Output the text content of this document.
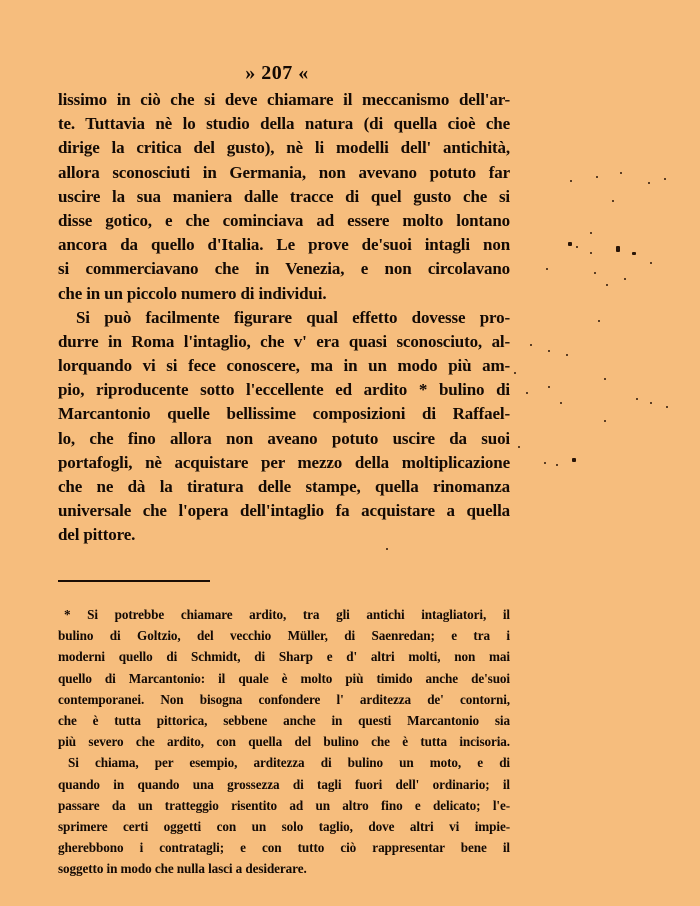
» 207 «
lissimo in ciò che si deve chiamare il meccanismo dell'ar-
te. Tuttavia nè lo studio della natura (di quella cioè che
dirige la critica del gusto), nè li modelli dell' antichità,
allora sconosciuti in Germania, non avevano potuto far
uscire la sua maniera dalle tracce di quel gusto che si
disse gotico, e che cominciava ad essere molto lontano
ancora da quello d'Italia. Le prove de'suoi intagli non
si commerciavano che in Venezia, e non circolavano
che in un piccolo numero di individui.
Si può facilmente figurare qual effetto dovesse pro-
durre in Roma l'intaglio, che v' era quasi sconosciuto, al-
lorquando vi si fece conoscere, ma in un modo più am-
pio, riproducente sotto l'eccellente ed ardito * bulino di
Marcantonio quelle bellissime composizioni di Raffael-
lo, che fino allora non aveano potuto uscire da suoi
portafogli, nè acquistare per mezzo della moltiplicazione
che ne dà la tiratura delle stampe, quella rinomanza
universale che l'opera dell'intaglio fa acquistare a quella
del pittore.
* Si potrebbe chiamare ardito, tra gli antichi intagliatori, il
bulino di Goltzio, del vecchio Müller, di Saenredan; e tra i
moderni quello di Schmidt, di Sharp e d' altri molti, non mai
quello di Marcantonio: il quale è molto più timido anche de'suoi
contemporanei. Non bisogna confondere l' arditezza de' contorni,
che è tutta pittorica, sebbene anche in questi Marcantonio sia
più severo che ardito, con quella del bulino che è tutta incisoria.
Si chiama, per esempio, arditezza di bulino un moto, e di
quando in quando una grossezza di tagli fuori dell' ordinario; il
passare da un tratteggio risentito ad un altro fino e delicato; l'e-
sprimere certi oggetti con un solo taglio, dove altri vi impie-
gherebbono i contratagli; e con tutto ciò rappresentar bene il
soggetto in modo che nulla lasci a desiderare.
